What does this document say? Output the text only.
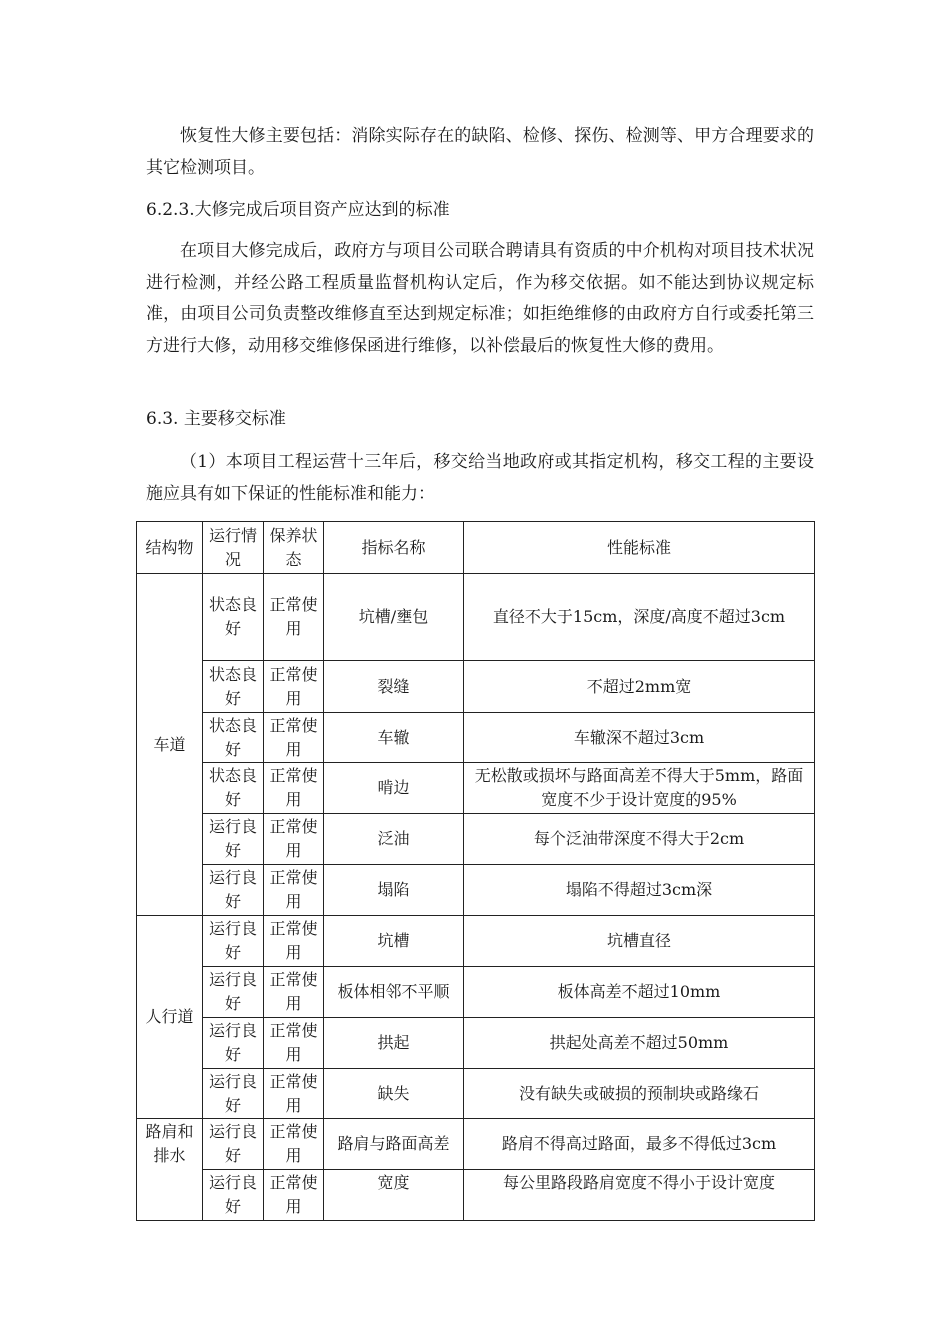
恢复性大修主要包括：消除实际存在的缺陷、检修、探伤、检测等、甲方合理要求的其它检测项目。

6.2.3.大修完成后项目资产应达到的标准

在项目大修完成后，政府方与项目公司联合聘请具有资质的中介机构对项目技术状况进行检测，并经公路工程质量监督机构认定后，作为移交依据。如不能达到协议规定标准，由项目公司负责整改维修直至达到规定标准；如拒绝维修的由政府方自行或委托第三方进行大修，动用移交维修保函进行维修，以补偿最后的恢复性大修的费用。

6.3. 主要移交标准

（1）本项目工程运营十三年后，移交给当地政府或其指定机构，移交工程的主要设施应具有如下保证的性能标准和能力：

结构物	运行情况	保养状态	指标名称	性能标准
车道	状态良好	正常使用	坑槽/壅包	直径不大于15cm，深度/高度不超过3cm
	状态良好	正常使用	裂缝	不超过2mm宽
	状态良好	正常使用	车辙	车辙深不超过3cm
	状态良好	正常使用	啃边	无松散或损坏与路面高差不得大于5mm，路面宽度不少于设计宽度的95%
	运行良好	正常使用	泛油	每个泛油带深度不得大于2cm
	运行良好	正常使用	塌陷	塌陷不得超过3cm深
人行道	运行良好	正常使用	坑槽	坑槽直径
	运行良好	正常使用	板体相邻不平顺	板体高差不超过10mm
	运行良好	正常使用	拱起	拱起处高差不超过50mm
	运行良好	正常使用	缺失	没有缺失或破损的预制块或路缘石
路肩和排水	运行良好	正常使用	路肩与路面高差	路肩不得高过路面，最多不得低过3cm
	运行良好	正常使用	宽度	每公里路段路肩宽度不得小于设计宽度
